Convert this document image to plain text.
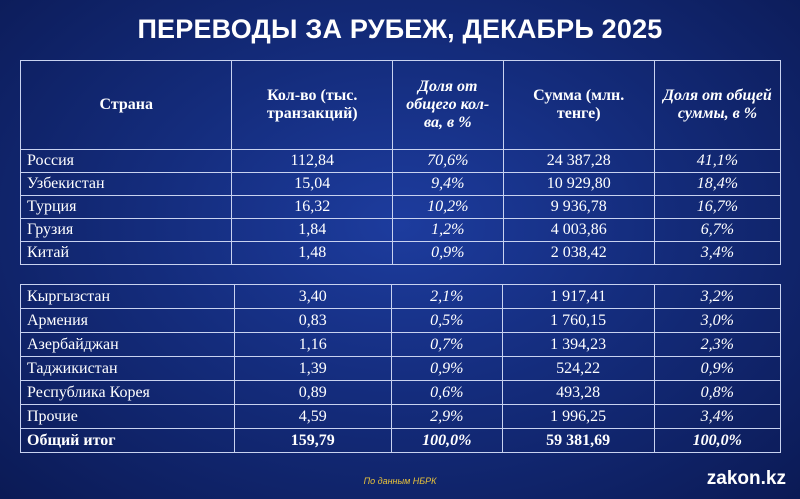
ПЕРЕВОДЫ ЗА РУБЕЖ, ДЕКАБРЬ 2025
Страна	Кол-во (тыс. транзакций)	Доля от общего кол-ва, в %	Сумма (млн. тенге)	Доля от общей суммы, в %
Россия	112,84	70,6%	24 387,28	41,1%
Узбекистан	15,04	9,4%	10 929,80	18,4%
Турция	16,32	10,2%	9 936,78	16,7%
Грузия	1,84	1,2%	4 003,86	6,7%
Китай	1,48	0,9%	2 038,42	3,4%
Кыргызстан	3,40	2,1%	1 917,41	3,2%
Армения	0,83	0,5%	1 760,15	3,0%
Азербайджан	1,16	0,7%	1 394,23	2,3%
Таджикистан	1,39	0,9%	524,22	0,9%
Республика Корея	0,89	0,6%	493,28	0,8%
Прочие	4,59	2,9%	1 996,25	3,4%
Общий итог	159,79	100,0%	59 381,69	100,0%
По данным НБРК	zakon.kz
